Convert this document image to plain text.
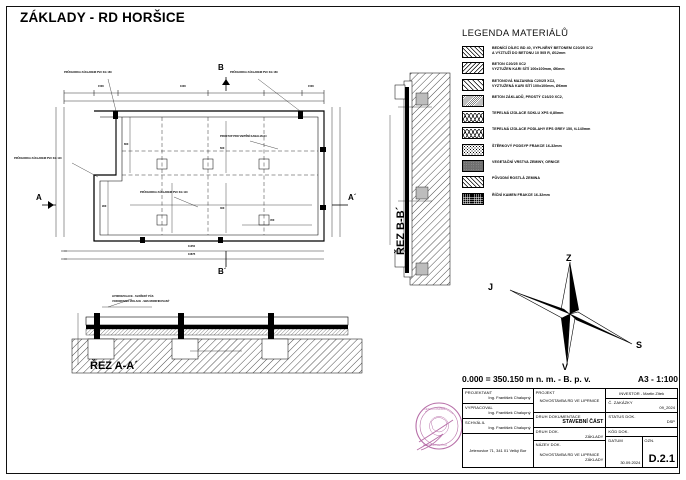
ZÁKLADY - RD HORŠICE
PRŮCHODKA ZÁKLADEM PVC KG 160	PRŮCHODKA ZÁKLADEM PVC KG 160
PRŮCHODKA ZÁKLADEM PVC KG 110
PRŮCHODKA ZÁKLADEM PVC KG 110
PROSTUP PRO VNITŘNÍ KANALIZACI
HYDROIZOLACE - SVAŘENÝ PÁS
VODOROVNÁ IZOLACE - SBS MODIFIKOVANÝ
1500	1000	1500
11250
10875
900
800
600
300
450
A	A´
B
B´
ŘEZ A-A´
ŘEZ B-B´
LEGENDA MATERIÁLŮ
BEDNÍCÍ DÍLEC BD 40, VYPLNĚNÝ BETONEM C20/25 XC2
A VÝZTUŽÍ DO BETONU 10 505 R, Ø12mm
BETON C20/25 XC2
VYZTUŽEN KARI SÍTÍ 100x100mm, Ø6mm
BETONOVÁ MAZANINA C20/25 XC2,
VYZTUŽENÁ KARI SÍTÍ 100x100mm, Ø6mm
BETON ZÁKLADŮ, PROSTÝ C16/20 XC2,
TEPELNÁ IZOLACE SOKLU XPS tl,80mm
TEPELNÁ IZOLACE PODLAHY EPS GREY 150, tL140mm
ŠTĚRKOVÝ PODSYP FRAKCE 16-32mm
VEGETAČNÍ VRSTVA ZEMINY, ORNICE
PŮVODNÍ ROSTLÁ ZEMINA
ŘÍČNÍ KAMEN FRAKCE 16-32mm
Z
S
V
J
0.000 = 350.150 m n. m. - B. p. v.	A3 - 1:100
ČESKÁ KOMORA
AUTORIZOVANÝCH
PROJEKTANT
Ing. František Chalupný
VYPRACOVAL
Ing. František Chalupný
SCHVÁLIL
Ing. František Chalupný
Jetenovice 71, 341 01 Velký Bor
PROJEKT
NOVOSTAVBA RD VE LIPRNICE
DRUH DOKUMENTACE
STAVEBNÍ ČÁST
DRUH DOK.
ZÁKLADY
NÁZEV DOK.
NOVOSTAVBA RD VE LIPRNICE
ZÁKLADY
INVESTOR - Martin Zitek
Č. ZAKÁZKY
09_2024
STATUS DOK.
DSP
KÓD DOK.
DATUM	OZN.
30.09.2024 D.2.1
